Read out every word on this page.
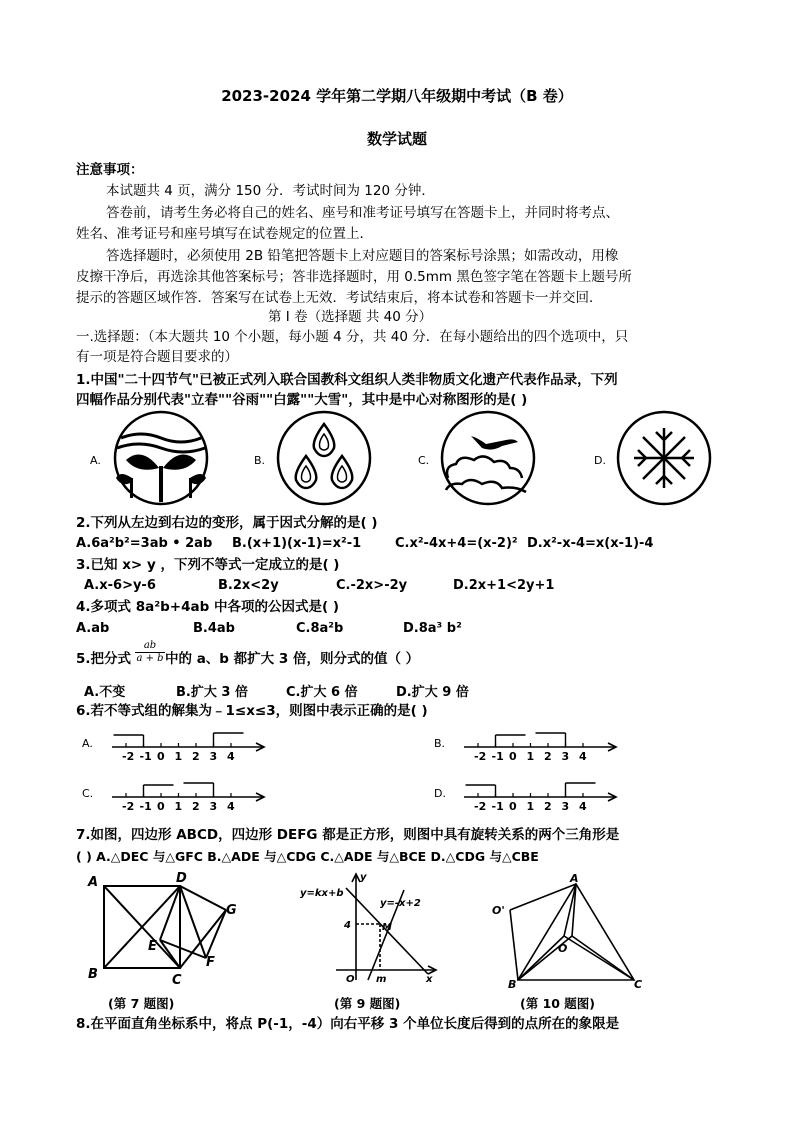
2023-2024 学年第二学期八年级期中考试（B 卷）
数学试题
注意事项：
本试题共 4 页，满分 150 分．考试时间为 120 分钟．
答卷前，请考生务必将自己的姓名、座号和准考证号填写在答题卡上，并同时将考点、
姓名、准考证号和座号填写在试卷规定的位置上．
答选择题时，必须使用 2B 铅笔把答题卡上对应题目的答案标号涂黑；如需改动，用橡
皮擦干净后，再选涂其他答案标号；答非选择题时，用 0.5mm 黑色签字笔在答题卡上题号所
提示的答题区域作答．答案写在试卷上无效．考试结束后，将本试卷和答题卡一并交回．
第 I 卷（选择题 共 40 分）
一.选择题：（本大题共 10 个小题，每小题 4 分，共 40 分．在每小题给出的四个选项中，只
有一项是符合题目要求的）
1.中国"二十四节气"已被正式列入联合国教科文组织人类非物质文化遗产代表作品录，下列
四幅作品分别代表"立春""谷雨""白露""大雪"，其中是中心对称图形的是( )
A.	B.	C.	D.
2.下列从左边到右边的变形，属于因式分解的是( )
A.6a²b²=3ab • 2ab B.(x+1)(x-1)=x²-1	C.x²-4x+4=(x-2)² D.x²-x-4=x(x-1)-4
3.已知 x> y ，下列不等式一定成立的是( )
A.x-6>y-6	B.2x<2y	C.-2x>-2y	D.2x+1<2y+1
4.多项式 8a²b+4ab 中各项的公因式是( )
A.ab	B.4ab	C.8a²b	D.8a³ b²
5.把分式 $\frac{ab}{a + b}$ 中的 a、b 都扩大 3 倍，则分式的值（ ）
A.不变	B.扩大 3 倍	C.扩大 6 倍	D.扩大 9 倍
6.若不等式组的解集为﹣1≤x≤3，则图中表示正确的是( )
A.
-2 -1 0 1 2 3 4
B.
-2 -1 0 1 2 3 4
C.
-2 -1 0 1 2 3 4
D.
-2 -1 0 1 2 3 4
7.如图，四边形 ABCD，四边形 DEFG 都是正方形，则图中具有旋转关系的两个三角形是
( ) A.△DEC 与△GFC B.△ADE 与△CDG C.△ADE 与△BCE D.△CDG 与△CBE
A	D
G
E
F
B	C
(第 7 题图)
y
y=kx+b
y=-x+2
M
4
O m	x
(第 9 题图)
A
O'
O
B	C
(第 10 题图)
8.在平面直角坐标系中，将点 P(-1，-4）向右平移 3 个单位长度后得到的点所在的象限是
